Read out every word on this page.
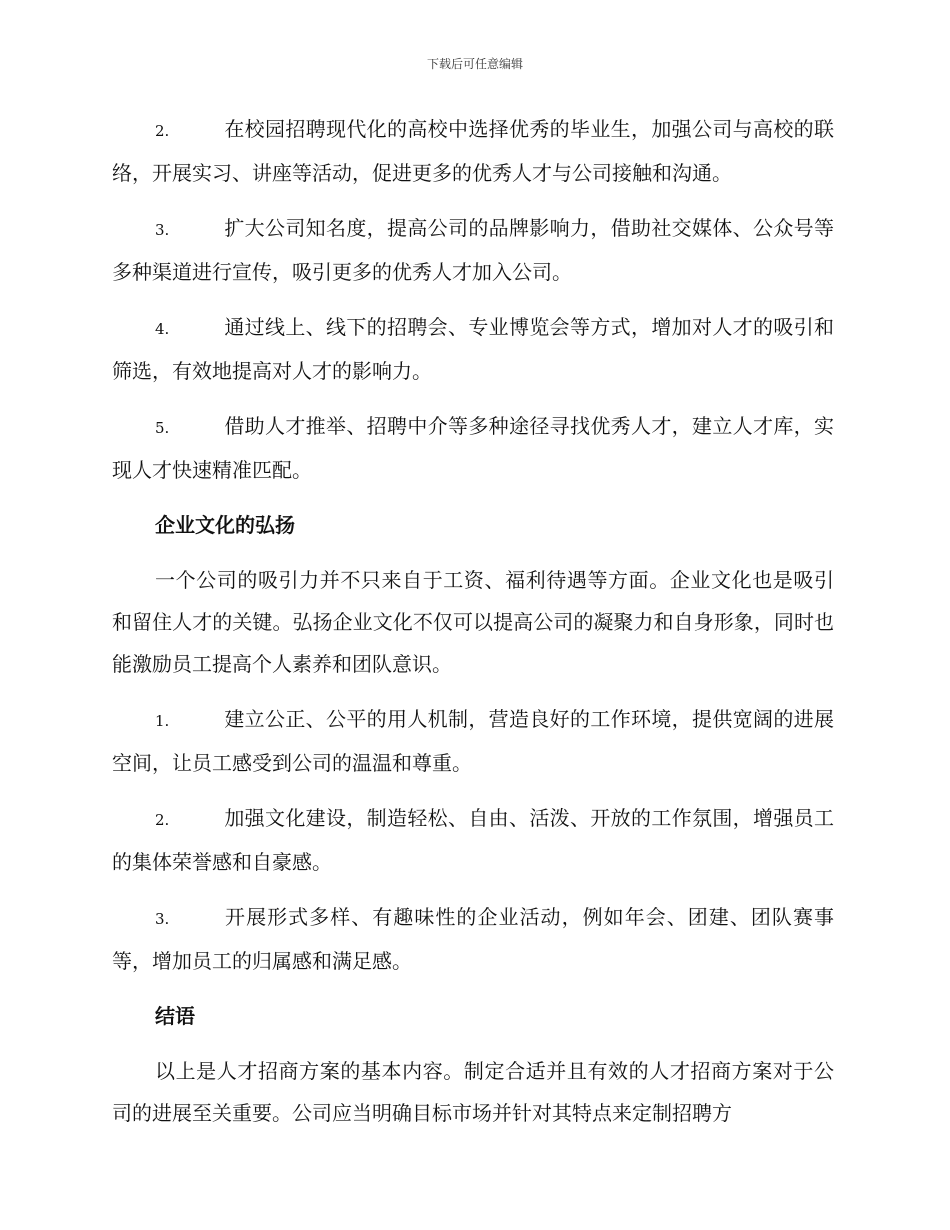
下载后可任意编辑

2.	在校园招聘现代化的高校中选择优秀的毕业生，加强公司与高校的联络，开展实习、讲座等活动，促进更多的优秀人才与公司接触和沟通。

3.	扩大公司知名度，提高公司的品牌影响力，借助社交媒体、公众号等多种渠道进行宣传，吸引更多的优秀人才加入公司。

4.	通过线上、线下的招聘会、专业博览会等方式，增加对人才的吸引和筛选，有效地提高对人才的影响力。

5.	借助人才推举、招聘中介等多种途径寻找优秀人才，建立人才库，实现人才快速精准匹配。

企业文化的弘扬

一个公司的吸引力并不只来自于工资、福利待遇等方面。企业文化也是吸引和留住人才的关键。弘扬企业文化不仅可以提高公司的凝聚力和自身形象，同时也能激励员工提高个人素养和团队意识。

1.	建立公正、公平的用人机制，营造良好的工作环境，提供宽阔的进展空间，让员工感受到公司的温温和尊重。

2.	加强文化建设，制造轻松、自由、活泼、开放的工作氛围，增强员工的集体荣誉感和自豪感。

3.	开展形式多样、有趣味性的企业活动，例如年会、团建、团队赛事等，增加员工的归属感和满足感。

结语

以上是人才招商方案的基本内容。制定合适并且有效的人才招商方案对于公司的进展至关重要。公司应当明确目标市场并针对其特点来定制招聘方
